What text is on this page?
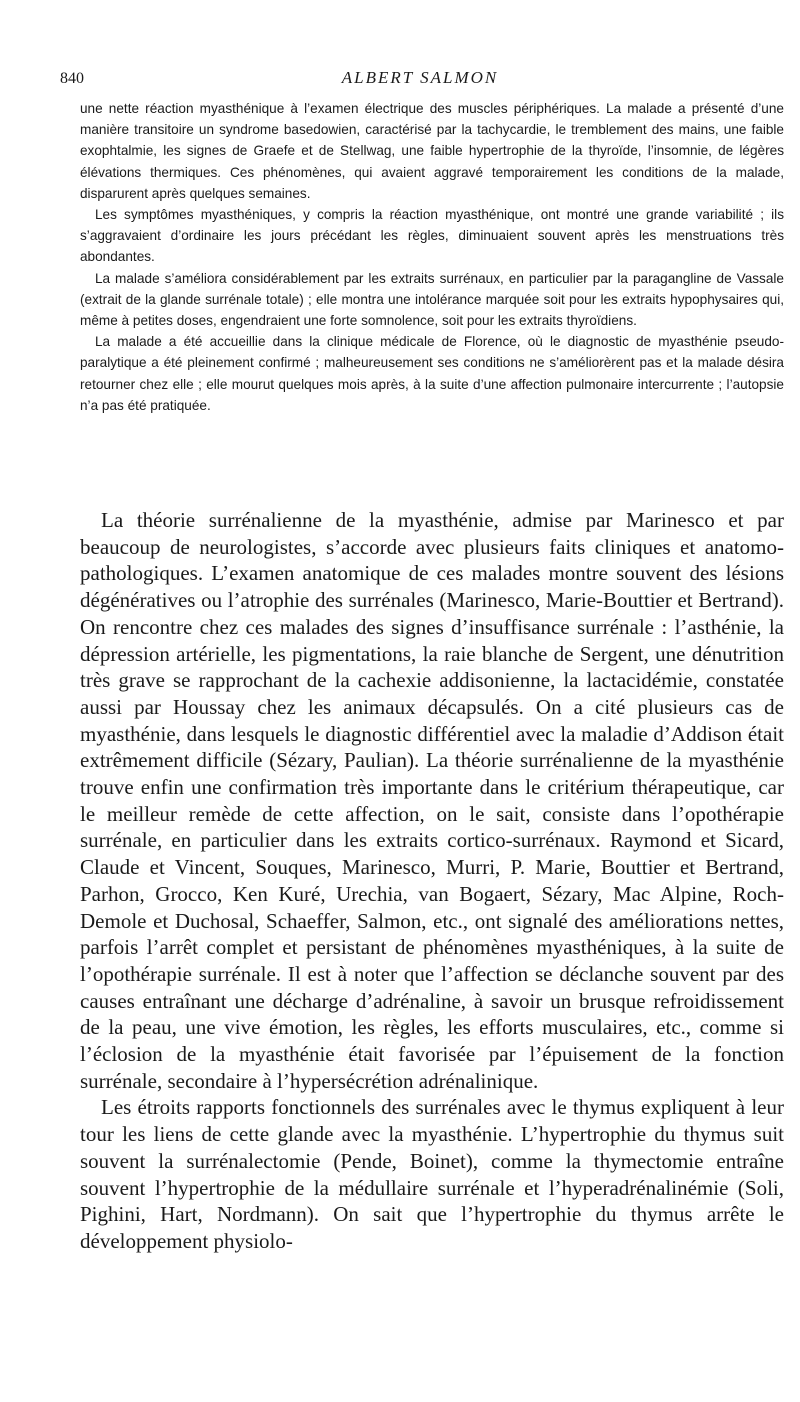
840	ALBERT SALMON

une nette réaction myasthénique à l’examen électrique des muscles périphériques. La malade a présenté d’une manière transitoire un syndrome basedowien, caractérisé par la tachycardie, le tremblement des mains, une faible exophtalmie, les signes de Graefe et de Stellwag, une faible hypertrophie de la thyroïde, l’insomnie, de légères élévations thermiques. Ces phénomènes, qui avaient aggravé temporairement les conditions de la malade, disparurent après quelques semaines.

Les symptômes myasthéniques, y compris la réaction myasthénique, ont montré une grande variabilité ; ils s’aggravaient d’ordinaire les jours précédant les règles, diminuaient souvent après les menstruations très abondantes.

La malade s’améliora considérablement par les extraits surrénaux, en particulier par la paragangline de Vassale (extrait de la glande surrénale totale) ; elle montra une intolérance marquée soit pour les extraits hypophysaires qui, même à petites doses, engendraient une forte somnolence, soit pour les extraits thyroïdiens.

La malade a été accueillie dans la clinique médicale de Florence, où le diagnostic de myasthénie pseudo-paralytique a été pleinement confirmé ; malheureusement ses conditions ne s’améliorèrent pas et la malade désira retourner chez elle ; elle mourut quelques mois après, à la suite d’une affection pulmonaire intercurrente ; l’autopsie n’a pas été pratiquée.

La théorie surrénalienne de la myasthénie, admise par Marinesco et par beaucoup de neurologistes, s’accorde avec plusieurs faits cliniques et anatomo-pathologiques. L’examen anatomique de ces malades montre souvent des lésions dégénératives ou l’atrophie des surrénales (Marinesco, Marie-Bouttier et Bertrand). On rencontre chez ces malades des signes d’insuffisance surrénale : l’asthénie, la dépression artérielle, les pigmentations, la raie blanche de Sergent, une dénutrition très grave se rapprochant de la cachexie addisonienne, la lactacidémie, constatée aussi par Houssay chez les animaux décapsulés. On a cité plusieurs cas de myasthénie, dans lesquels le diagnostic différentiel avec la maladie d’Addison était extrêmement difficile (Sézary, Paulian). La théorie surrénalienne de la myasthénie trouve enfin une confirmation très importante dans le critérium thérapeutique, car le meilleur remède de cette affection, on le sait, consiste dans l’opothérapie surrénale, en particulier dans les extraits cortico-surrénaux. Raymond et Sicard, Claude et Vincent, Souques, Marinesco, Murri, P. Marie, Bouttier et Bertrand, Parhon, Grocco, Ken Kuré, Urechia, van Bogaert, Sézary, Mac Alpine, Roch-Demole et Duchosal, Schaeffer, Salmon, etc., ont signalé des améliorations nettes, parfois l’arrêt complet et persistant de phénomènes myasthéniques, à la suite de l’opothérapie surrénale. Il est à noter que l’affection se déclanche souvent par des causes entraînant une décharge d’adrénaline, à savoir un brusque refroidissement de la peau, une vive émotion, les règles, les efforts musculaires, etc., comme si l’éclosion de la myasthénie était favorisée par l’épuisement de la fonction surrénale, secondaire à l’hypersécrétion adrénalinique.

Les étroits rapports fonctionnels des surrénales avec le thymus expliquent à leur tour les liens de cette glande avec la myasthénie. L’hypertrophie du thymus suit souvent la surrénalectomie (Pende, Boinet), comme la thymectomie entraîne souvent l’hypertrophie de la médullaire surrénale et l’hyperadrénalinémie (Soli, Pighini, Hart, Nordmann). On sait que l’hypertrophie du thymus arrête le développement physiolo-
